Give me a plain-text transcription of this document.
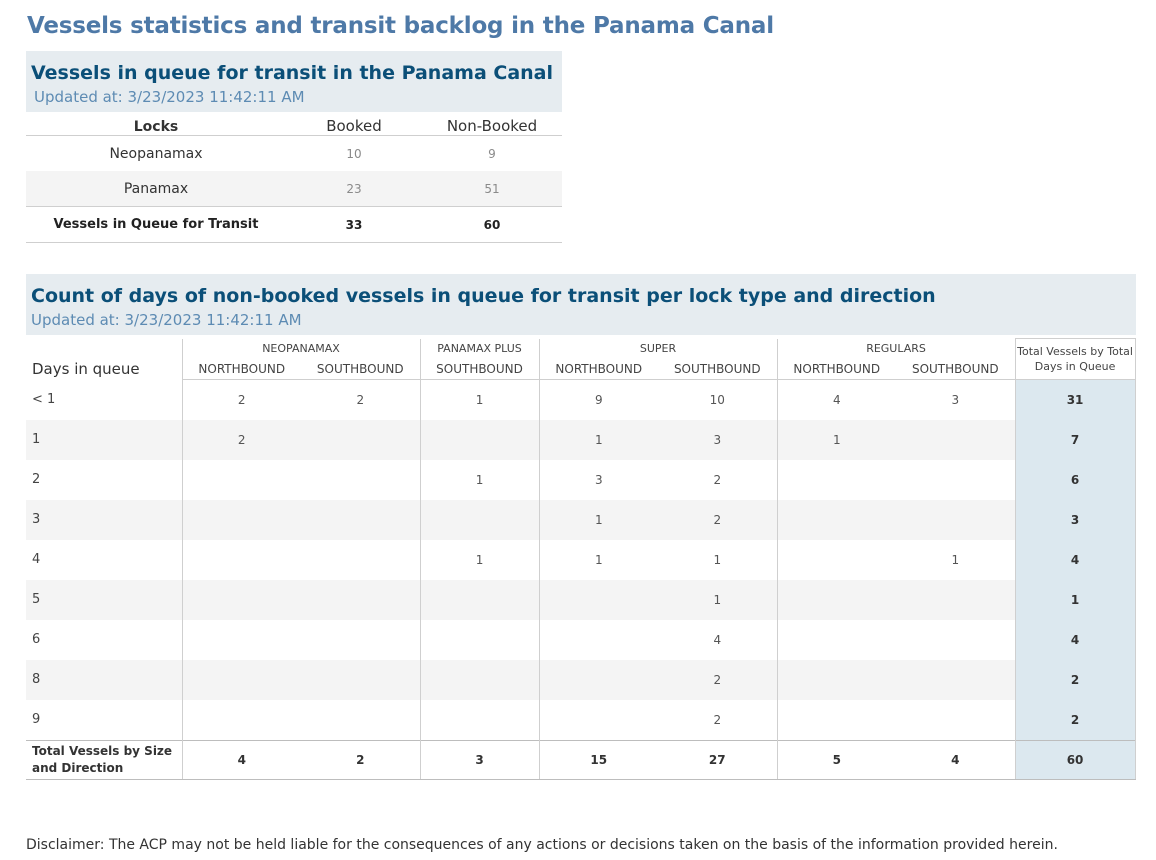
Vessels statistics and transit backlog in the Panama Canal
Vessels in queue for transit in the Panama Canal
Updated at: 3/23/2023 11:42:11 AM
Locks	Booked	Non-Booked
Neopanamax	10	9
Panamax	23	51
Vessels in Queue for Transit	33	60
Count of days of non-booked vessels in queue for transit per lock type and direction
Updated at: 3/23/2023 11:42:11 AM
Days in queue	NEOPANAMAX		PANAMAX PLUS	SUPER		REGULARS		Total Vessels by Total Days in Queue
	NORTHBOUND	SOUTHBOUND	SOUTHBOUND	NORTHBOUND	SOUTHBOUND	NORTHBOUND	SOUTHBOUND	
< 1	2	2	1	9	10	4	3	31
1	2			1	3	1		7
2			1	3	2			6
3				1	2			3
4			1	1	1		1	4
5					1			1
6					4			4
8					2			2
9					2			2
Total Vessels by Size and Direction	4	2	3	15	27	5	4	60
Disclaimer: The ACP may not be held liable for the consequences of any actions or decisions taken on the basis of the information provided herein.
